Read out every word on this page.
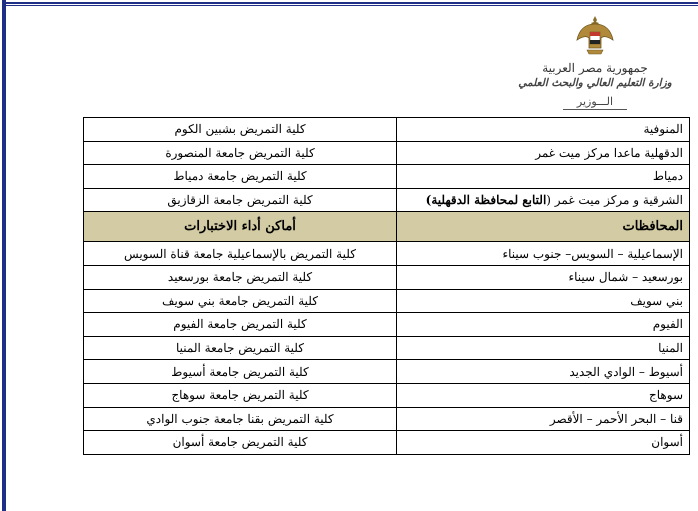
جمهورية مصر العربية
وزارة التعليم العالي والبحث العلمي
الـــوزير
المنوفية	كلية التمريض بشبين الكوم
الدقهلية ماعدا مركز ميت غمر	كلية التمريض جامعة المنصورة
دمياط	كلية التمريض جامعة دمياط
الشرقية و مركز ميت غمر (التابع لمحافظة الدقهلية)	كلية التمريض جامعة الزقازيق
المحافظات	أماكن أداء الاختبارات
الإسماعيلية – السويس– جنوب سيناء	كلية التمريض بالإسماعيلية جامعة قناة السويس
بورسعيد – شمال سيناء	كلية التمريض جامعة بورسعيد
بني سويف	كلية التمريض جامعة بني سويف
الفيوم	كلية التمريض جامعة الفيوم
المنيا	كلية التمريض جامعة المنيا
أسيوط – الوادي الجديد	كلية التمريض جامعة أسيوط
سوهاج	كلية التمريض جامعة سوهاج
قنا – البحر الأحمر – الأقصر	كلية التمريض بقنا جامعة جنوب الوادي
أسوان	كلية التمريض جامعة أسوان
